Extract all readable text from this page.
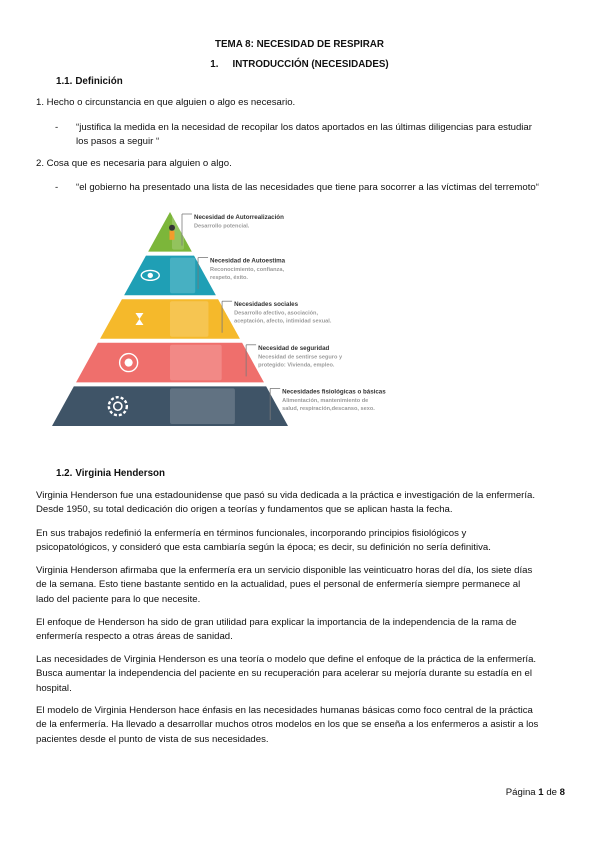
TEMA 8: NECESIDAD DE RESPIRAR
1. INTRODUCCIÓN (NECESIDADES)
1.1. Definición
1. Hecho o circunstancia en que alguien o algo es necesario.
- “justifica la medida en la necesidad de recopilar los datos aportados en las últimas diligencias para estudiar
los pasos a seguir “
2. Cosa que es necesaria para alguien o algo.
- “el gobierno ha presentado una lista de las necesidades que tiene para socorrer a las víctimas del terremoto“
Necesidad de Autorrealización
Desarrollo potencial.
Necesidad de Autoestima
Reconocimiento, confianza,
respeto, éxito.
Necesidades sociales
Desarrollo afectivo, asociación,
aceptación, afecto, intimidad sexual.
Necesidad de seguridad
Necesidad de sentirse seguro y
protegido: Vivienda, empleo.
Necesidades fisiológicas o básicas
Alimentación, mantenimiento de
salud, respiración,descanso, sexo.
1.2. Virginia Henderson
Virginia Henderson fue una estadounidense que pasó su vida dedicada a la práctica e investigación de la enfermería.
Desde 1950, su total dedicación dio origen a teorías y fundamentos que se aplican hasta la fecha.
En sus trabajos redefinió la enfermería en términos funcionales, incorporando principios fisiológicos y
psicopatológicos, y consideró que esta cambiaría según la época; es decir, su definición no sería definitiva.
Virginia Henderson afirmaba que la enfermería era un servicio disponible las veinticuatro horas del día, los siete días
de la semana. Esto tiene bastante sentido en la actualidad, pues el personal de enfermería siempre permanece al
lado del paciente para lo que necesite.
El enfoque de Henderson ha sido de gran utilidad para explicar la importancia de la independencia de la rama de
enfermería respecto a otras áreas de sanidad.
Las necesidades de Virginia Henderson es una teoría o modelo que define el enfoque de la práctica de la enfermería.
Busca aumentar la independencia del paciente en su recuperación para acelerar su mejoría durante su estadía en el
hospital.
El modelo de Virginia Henderson hace énfasis en las necesidades humanas básicas como foco central de la práctica
de la enfermería. Ha llevado a desarrollar muchos otros modelos en los que se enseña a los enfermeros a asistir a los
pacientes desde el punto de vista de sus necesidades.
Página 1 de 8
